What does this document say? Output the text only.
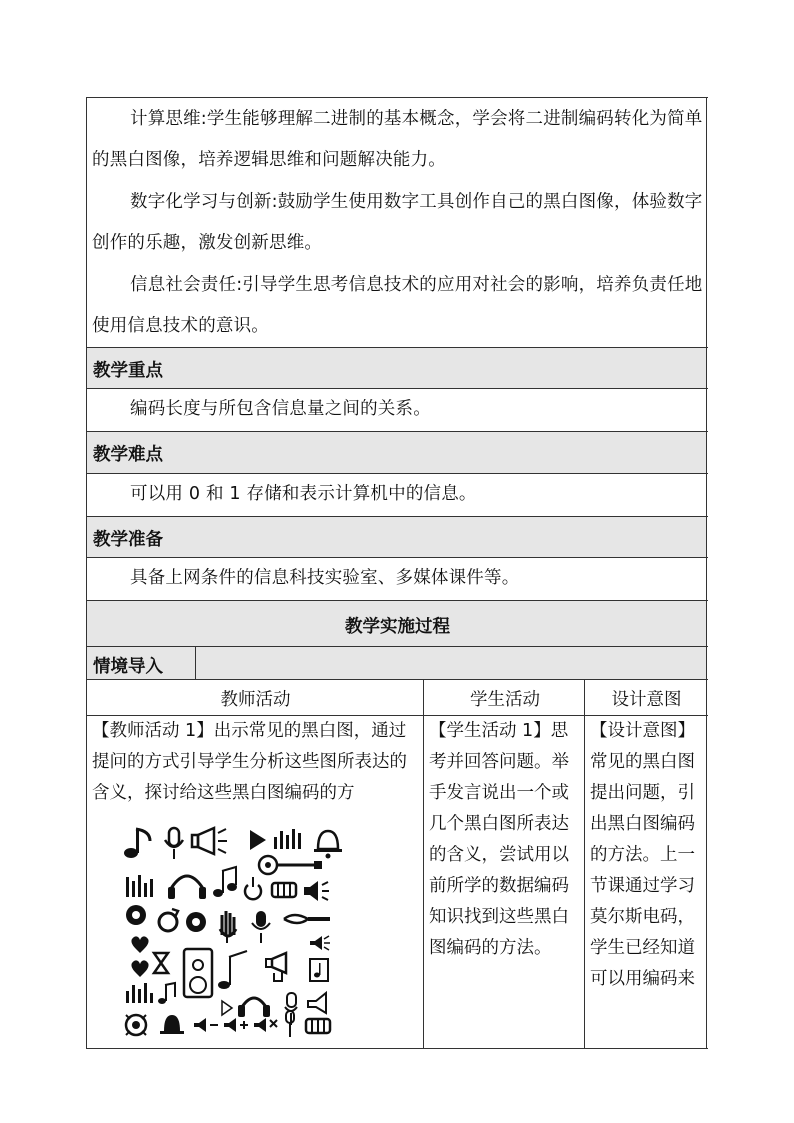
计算思维:学生能够理解二进制的基本概念，学会将二进制编码转化为简单的黑白图像，培养逻辑思维和问题解决能力。
数字化学习与创新:鼓励学生使用数字工具创作自己的黑白图像，体验数字创作的乐趣，激发创新思维。
信息社会责任:引导学生思考信息技术的应用对社会的影响，培养负责任地使用信息技术的意识。
教学重点
编码长度与所包含信息量之间的关系。
教学难点
可以用 0 和 1 存储和表示计算机中的信息。
教学准备
具备上网条件的信息科技实验室、多媒体课件等。
教学实施过程
情境导入
教师活动	学生活动	设计意图
【教师活动 1】出示常见的黑白图，通过提问的方式引导学生分析这些图所表达的含义，探讨给这些黑白图编码的方
【学生活动 1】思考并回答问题。举手发言说出一个或几个黑白图所表达的含义，尝试用以前所学的数据编码知识找到这些黑白图编码的方法。
【设计意图】常见的黑白图提出问题，引出黑白图编码的方法。上一节课通过学习莫尔斯电码，学生已经知道可以用编码来
